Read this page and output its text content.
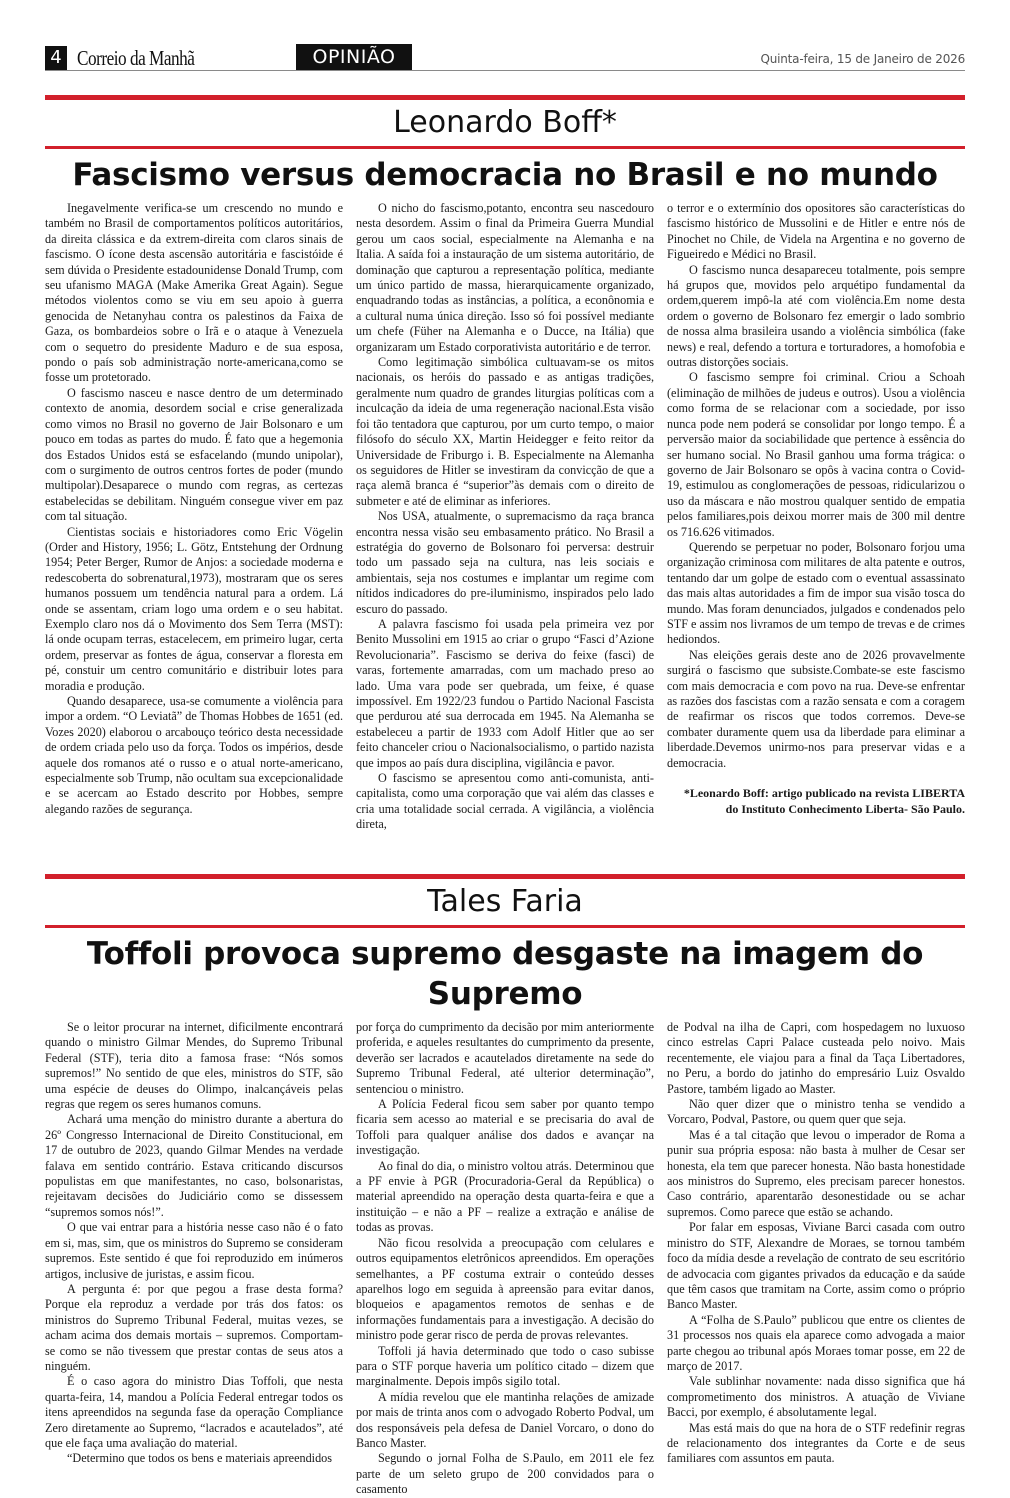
4 Correio da Manhã	OPINIÃO	Quinta-feira, 15 de Janeiro de 2026
Leonardo Boff*
Fascismo versus democracia no Brasil e no mundo

Inegavelmente verifica-se um crescendo no mundo e também no Brasil de comportamentos políticos autoritários, da direita clássica e da extrem-direita com claros sinais de fascismo. O ícone desta ascensão autoritária e fascistóide é sem dúvida o Presidente estadounidense Donald Trump, com seu ufanismo MAGA (Make Amerika Great Again). Segue métodos violentos como se viu em seu apoio à guerra genocida de Netanyhau contra os palestinos da Faixa de Gaza, os bombardeios sobre o Irã e o ataque à Venezuela com o sequetro do presidente Maduro e de sua esposa, pondo o país sob administração norte-americana,como se fosse um protetorado.

O fascismo nasceu e nasce dentro de um determinado contexto de anomia, desordem social e crise generalizada como vimos no Brasil no governo de Jair Bolsonaro e um pouco em todas as partes do mudo. É fato que a hegemonia dos Estados Unidos está se esfacelando (mundo unipolar), com o surgimento de outros centros fortes de poder (mundo multipolar).Desaparece o mundo com regras, as certezas estabelecidas se debilitam. Ninguém consegue viver em paz com tal situação.

Cientistas sociais e historiadores como Eric Vögelin (Order and History, 1956; L. Götz, Entstehung der Ordnung 1954; Peter Berger, Rumor de Anjos: a sociedade moderna e redescoberta do sobrenatural,1973), mostraram que os seres humanos possuem um tendência natural para a ordem. Lá onde se assentam, criam logo uma ordem e o seu habitat. Exemplo claro nos dá o Movimento dos Sem Terra (MST): lá onde ocupam terras, estacelecem, em primeiro lugar, certa ordem, preservar as fontes de água, conservar a floresta em pé, constuir um centro comunitário e distribuir lotes para moradia e produção.

Quando desaparece, usa-se comumente a violência para impor a ordem. “O Leviatã” de Thomas Hobbes de 1651 (ed. Vozes 2020) elaborou o arcabouço teórico desta necessidade de ordem criada pelo uso da força. Todos os impérios, desde aquele dos romanos até o russo e o atual norte-americano, especialmente sob Trump, não ocultam sua excepcionalidade e se acercam ao Estado descrito por Hobbes, sempre alegando razões de segurança.

O nicho do fascismo,potanto, encontra seu nascedouro nesta desordem. Assim o final da Primeira Guerra Mundial gerou um caos social, especialmente na Alemanha e na Italia. A saída foi a instauração de um sistema autoritário, de dominação que capturou a representação política, mediante um único partido de massa, hierarquicamente organizado, enquadrando todas as instâncias, a política, a econônomia e a cultural numa única direção. Isso só foi possível mediante um chefe (Füher na Alemanha e o Ducce, na Itália) que organizaram um Estado corporativista autoritário e de terror.

Como legitimação simbólica cultuavam-se os mitos nacionais, os heróis do passado e as antigas tradições, geralmente num quadro de grandes liturgias políticas com a inculcação da ideia de uma regeneração nacional.Esta visão foi tão tentadora que capturou, por um curto tempo, o maior filósofo do século XX, Martin Heidegger e feito reitor da Universidade de Friburgo i. B. Especialmente na Alemanha os seguidores de Hitler se investiram da convicção de que a raça alemã branca é “superior”às demais com o direito de submeter e até de eliminar as inferiores.

Nos USA, atualmente, o supremacismo da raça branca encontra nessa visão seu embasamento prático. No Brasil a estratégia do governo de Bolsonaro foi perversa: destruir todo um passado seja na cultura, nas leis sociais e ambientais, seja nos costumes e implantar um regime com nítidos indicadores do pre-iluminismo, inspirados pelo lado escuro do passado.

A palavra fascismo foi usada pela primeira vez por Benito Mussolini em 1915 ao criar o grupo “Fasci d’Azione Revolucionaria”. Fascismo se deriva do feixe (fasci) de varas, fortemente amarradas, com um machado preso ao lado. Uma vara pode ser quebrada, um feixe, é quase impossível. Em 1922/23 fundou o Partido Nacional Fascista que perdurou até sua derrocada em 1945. Na Alemanha se estabeleceu a partir de 1933 com Adolf Hitler que ao ser feito chanceler criou o Nacionalsocialismo, o partido nazista que impos ao país dura disciplina, vigilância e pavor.

O fascismo se apresentou como anti-comunista, anti-capitalista, como uma corporação que vai além das classes e cria uma totalidade social cerrada. A vigilância, a violência direta,

o terror e o extermínio dos opositores são características do fascismo histórico de Mussolini e de Hitler e entre nós de Pinochet no Chile, de Videla na Argentina e no governo de Figueiredo e Médici no Brasil.

O fascismo nunca desapareceu totalmente, pois sempre há grupos que, movidos pelo arquétipo fundamental da ordem,querem impô-la até com violência.Em nome desta ordem o governo de Bolsonaro fez emergir o lado sombrio de nossa alma brasileira usando a violência simbólica (fake news) e real, defendo a tortura e torturadores, a homofobia e outras distorções sociais.

O fascismo sempre foi criminal. Criou a Schoah (eliminação de milhões de judeus e outros). Usou a violência como forma de se relacionar com a sociedade, por isso nunca pode nem poderá se consolidar por longo tempo. É a perversão maior da sociabilidade que pertence à essência do ser humano social. No Brasil ganhou uma forma trágica: o governo de Jair Bolsonaro se opôs à vacina contra o Covid-19, estimulou as conglomerações de pessoas, ridicularizou o uso da máscara e não mostrou qualquer sentido de empatia pelos familiares,pois deixou morrer mais de 300 mil dentre os 716.626 vitimados.

Querendo se perpetuar no poder, Bolsonaro forjou uma organização criminosa com militares de alta patente e outros, tentando dar um golpe de estado com o eventual assassinato das mais altas autoridades a fim de impor sua visão tosca do mundo. Mas foram denunciados, julgados e condenados pelo STF e assim nos livramos de um tempo de trevas e de crimes hediondos.

Nas eleições gerais deste ano de 2026 provavelmente surgirá o fascismo que subsiste.Combate-se este fascismo com mais democracia e com povo na rua. Deve-se enfrentar as razões dos fascistas com a razão sensata e com a coragem de reafirmar os riscos que todos corremos. Deve-se combater duramente quem usa da liberdade para eliminar a liberdade.Devemos unirmo-nos para preservar vidas e a democracia.

*Leonardo Boff: artigo publicado na revista LIBERTA
do Instituto Conhecimento Liberta- São Paulo.
Tales Faria
Toffoli provoca supremo desgaste na imagem do Supremo

Se o leitor procurar na internet, dificilmente encontrará quando o ministro Gilmar Mendes, do Supremo Tribunal Federal (STF), teria dito a famosa frase: “Nós somos supremos!” No sentido de que eles, ministros do STF, são uma espécie de deuses do Olimpo, inalcançáveis pelas regras que regem os seres humanos comuns.

Achará uma menção do ministro durante a abertura do 26º Congresso Internacional de Direito Constitucional, em 17 de outubro de 2023, quando Gilmar Mendes na verdade falava em sentido contrário. Estava criticando discursos populistas em que manifestantes, no caso, bolsonaristas, rejeitavam decisões do Judiciário como se dissessem “supremos somos nós!”.

O que vai entrar para a história nesse caso não é o fato em si, mas, sim, que os ministros do Supremo se consideram supremos. Este sentido é que foi reproduzido em inúmeros artigos, inclusive de juristas, e assim ficou.

A pergunta é: por que pegou a frase desta forma? Porque ela reproduz a verdade por trás dos fatos: os ministros do Supremo Tribunal Federal, muitas vezes, se acham acima dos demais mortais – supremos. Comportam-se como se não tivessem que prestar contas de seus atos a ninguém.

É o caso agora do ministro Dias Toffoli, que nesta quarta-feira, 14, mandou a Polícia Federal entregar todos os itens apreendidos na segunda fase da operação Compliance Zero diretamente ao Supremo, “lacrados e acautelados”, até que ele faça uma avaliação do material.

“Determino que todos os bens e materiais apreendidos

por força do cumprimento da decisão por mim anteriormente proferida, e aqueles resultantes do cumprimento da presente, deverão ser lacrados e acautelados diretamente na sede do Supremo Tribunal Federal, até ulterior determinação”, sentenciou o ministro.

A Polícia Federal ficou sem saber por quanto tempo ficaria sem acesso ao material e se precisaria do aval de Toffoli para qualquer análise dos dados e avançar na investigação.

Ao final do dia, o ministro voltou atrás. Determinou que a PF envie à PGR (Procuradoria-Geral da República) o material apreendido na operação desta quarta-feira e que a instituição – e não a PF – realize a extração e análise de todas as provas.

Não ficou resolvida a preocupação com celulares e outros equipamentos eletrônicos apreendidos. Em operações semelhantes, a PF costuma extrair o conteúdo desses aparelhos logo em seguida à apreensão para evitar danos, bloqueios e apagamentos remotos de senhas e de informações fundamentais para a investigação. A decisão do ministro pode gerar risco de perda de provas relevantes.

Toffoli já havia determinado que todo o caso subisse para o STF porque haveria um político citado – dizem que marginalmente. Depois impôs sigilo total.

A mídia revelou que ele mantinha relações de amizade por mais de trinta anos com o advogado Roberto Podval, um dos responsáveis pela defesa de Daniel Vorcaro, o dono do Banco Master.

Segundo o jornal Folha de S.Paulo, em 2011 ele fez parte de um seleto grupo de 200 convidados para o casamento

de Podval na ilha de Capri, com hospedagem no luxuoso cinco estrelas Capri Palace custeada pelo noivo. Mais recentemente, ele viajou para a final da Taça Libertadores, no Peru, a bordo do jatinho do empresário Luiz Osvaldo Pastore, também ligado ao Master.

Não quer dizer que o ministro tenha se vendido a Vorcaro, Podval, Pastore, ou quem quer que seja.

Mas é a tal citação que levou o imperador de Roma a punir sua própria esposa: não basta à mulher de Cesar ser honesta, ela tem que parecer honesta. Não basta honestidade aos ministros do Supremo, eles precisam parecer honestos. Caso contrário, aparentarão desonestidade ou se achar supremos. Como parece que estão se achando.

Por falar em esposas, Viviane Barci casada com outro ministro do STF, Alexandre de Moraes, se tornou também foco da mídia desde a revelação de contrato de seu escritório de advocacia com gigantes privados da educação e da saúde que têm casos que tramitam na Corte, assim como o próprio Banco Master.

A “Folha de S.Paulo” publicou que entre os clientes de 31 processos nos quais ela aparece como advogada a maior parte chegou ao tribunal após Moraes tomar posse, em 22 de março de 2017.

Vale sublinhar novamente: nada disso significa que há comprometimento dos ministros. A atuação de Viviane Bacci, por exemplo, é absolutamente legal.

Mas está mais do que na hora de o STF redefinir regras de relacionamento dos integrantes da Corte e de seus familiares com assuntos em pauta.
